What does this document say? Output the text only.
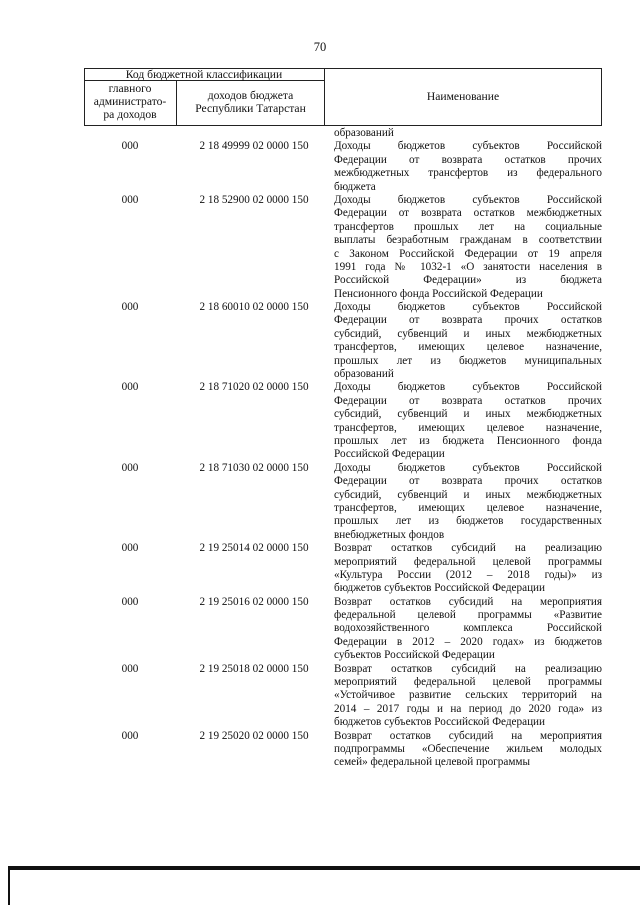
70
Код бюджетной классификации
главного
администрато-
ра доходов
доходов бюджета
Республики Татарстан
Наименование
образований
000	2 18 49999 02 0000 150	Доходы бюджетов субъектов Российской
Федерации от возврата остатков прочих
межбюджетных трансфертов из федерального
бюджета
000	2 18 52900 02 0000 150	Доходы бюджетов субъектов Российской
Федерации от возврата остатков межбюджетных
трансфертов прошлых лет на социальные
выплаты безработным гражданам в соответствии
с Законом Российской Федерации от 19 апреля
1991 года № 1032-1 «О занятости населения в
Российской Федерации» из бюджета
Пенсионного фонда Российской Федерации
000	2 18 60010 02 0000 150	Доходы бюджетов субъектов Российской
Федерации от возврата прочих остатков
субсидий, субвенций и иных межбюджетных
трансфертов, имеющих целевое назначение,
прошлых лет из бюджетов муниципальных
образований
000	2 18 71020 02 0000 150	Доходы бюджетов субъектов Российской
Федерации от возврата остатков прочих
субсидий, субвенций и иных межбюджетных
трансфертов, имеющих целевое назначение,
прошлых лет из бюджета Пенсионного фонда
Российской Федерации
000	2 18 71030 02 0000 150	Доходы бюджетов субъектов Российской
Федерации от возврата прочих остатков
субсидий, субвенций и иных межбюджетных
трансфертов, имеющих целевое назначение,
прошлых лет из бюджетов государственных
внебюджетных фондов
000	2 19 25014 02 0000 150	Возврат остатков субсидий на реализацию
мероприятий федеральной целевой программы
«Культура России (2012 – 2018 годы)» из
бюджетов субъектов Российской Федерации
000	2 19 25016 02 0000 150	Возврат остатков субсидий на мероприятия
федеральной целевой программы «Развитие
водохозяйственного комплекса Российской
Федерации в 2012 – 2020 годах» из бюджетов
субъектов Российской Федерации
000	2 19 25018 02 0000 150	Возврат остатков субсидий на реализацию
мероприятий федеральной целевой программы
«Устойчивое развитие сельских территорий на
2014 – 2017 годы и на период до 2020 года» из
бюджетов субъектов Российской Федерации
000	2 19 25020 02 0000 150	Возврат остатков субсидий на мероприятия
подпрограммы «Обеспечение жильем молодых
семей» федеральной целевой программы
